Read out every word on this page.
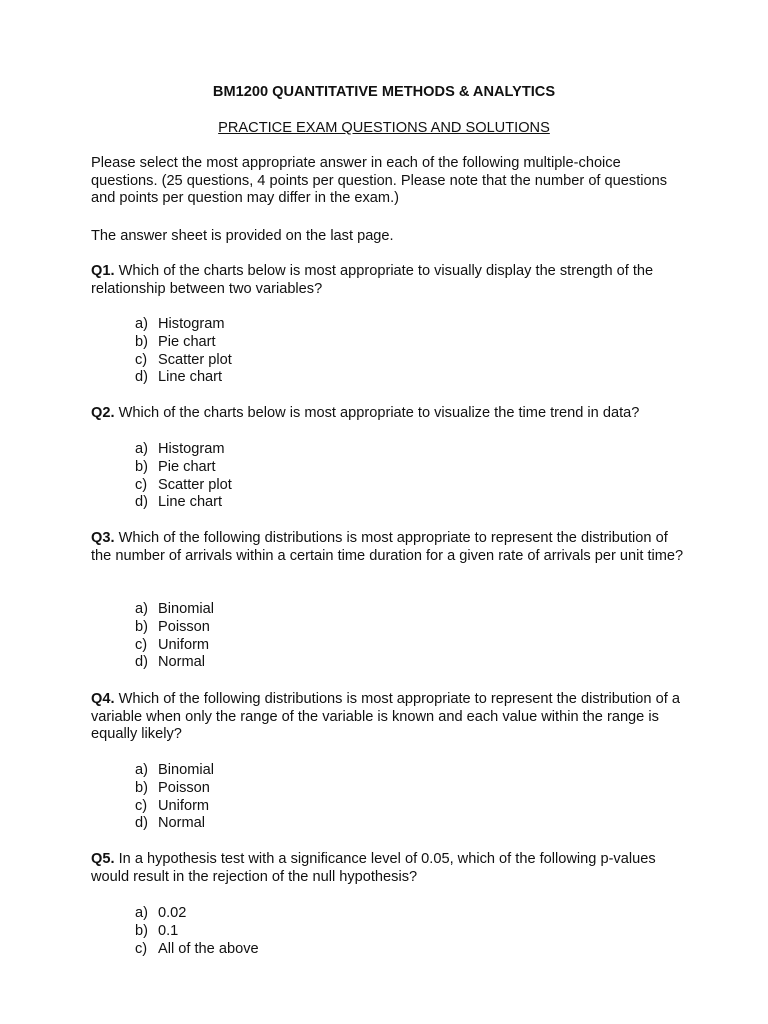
BM1200 QUANTITATIVE METHODS & ANALYTICS
PRACTICE EXAM QUESTIONS AND SOLUTIONS
Please select the most appropriate answer in each of the following multiple-choice questions. (25 questions, 4 points per question. Please note that the number of questions and points per question may differ in the exam.)
The answer sheet is provided on the last page.
Q1. Which of the charts below is most appropriate to visually display the strength of the relationship between two variables?
a) Histogram
b) Pie chart
c) Scatter plot
d) Line chart
Q2. Which of the charts below is most appropriate to visualize the time trend in data?
a) Histogram
b) Pie chart
c) Scatter plot
d) Line chart
Q3. Which of the following distributions is most appropriate to represent the distribution of the number of arrivals within a certain time duration for a given rate of arrivals per unit time?
a) Binomial
b) Poisson
c) Uniform
d) Normal
Q4. Which of the following distributions is most appropriate to represent the distribution of a variable when only the range of the variable is known and each value within the range is equally likely?
a) Binomial
b) Poisson
c) Uniform
d) Normal
Q5. In a hypothesis test with a significance level of 0.05, which of the following p-values would result in the rejection of the null hypothesis?
a) 0.02
b) 0.1
c) All of the above
